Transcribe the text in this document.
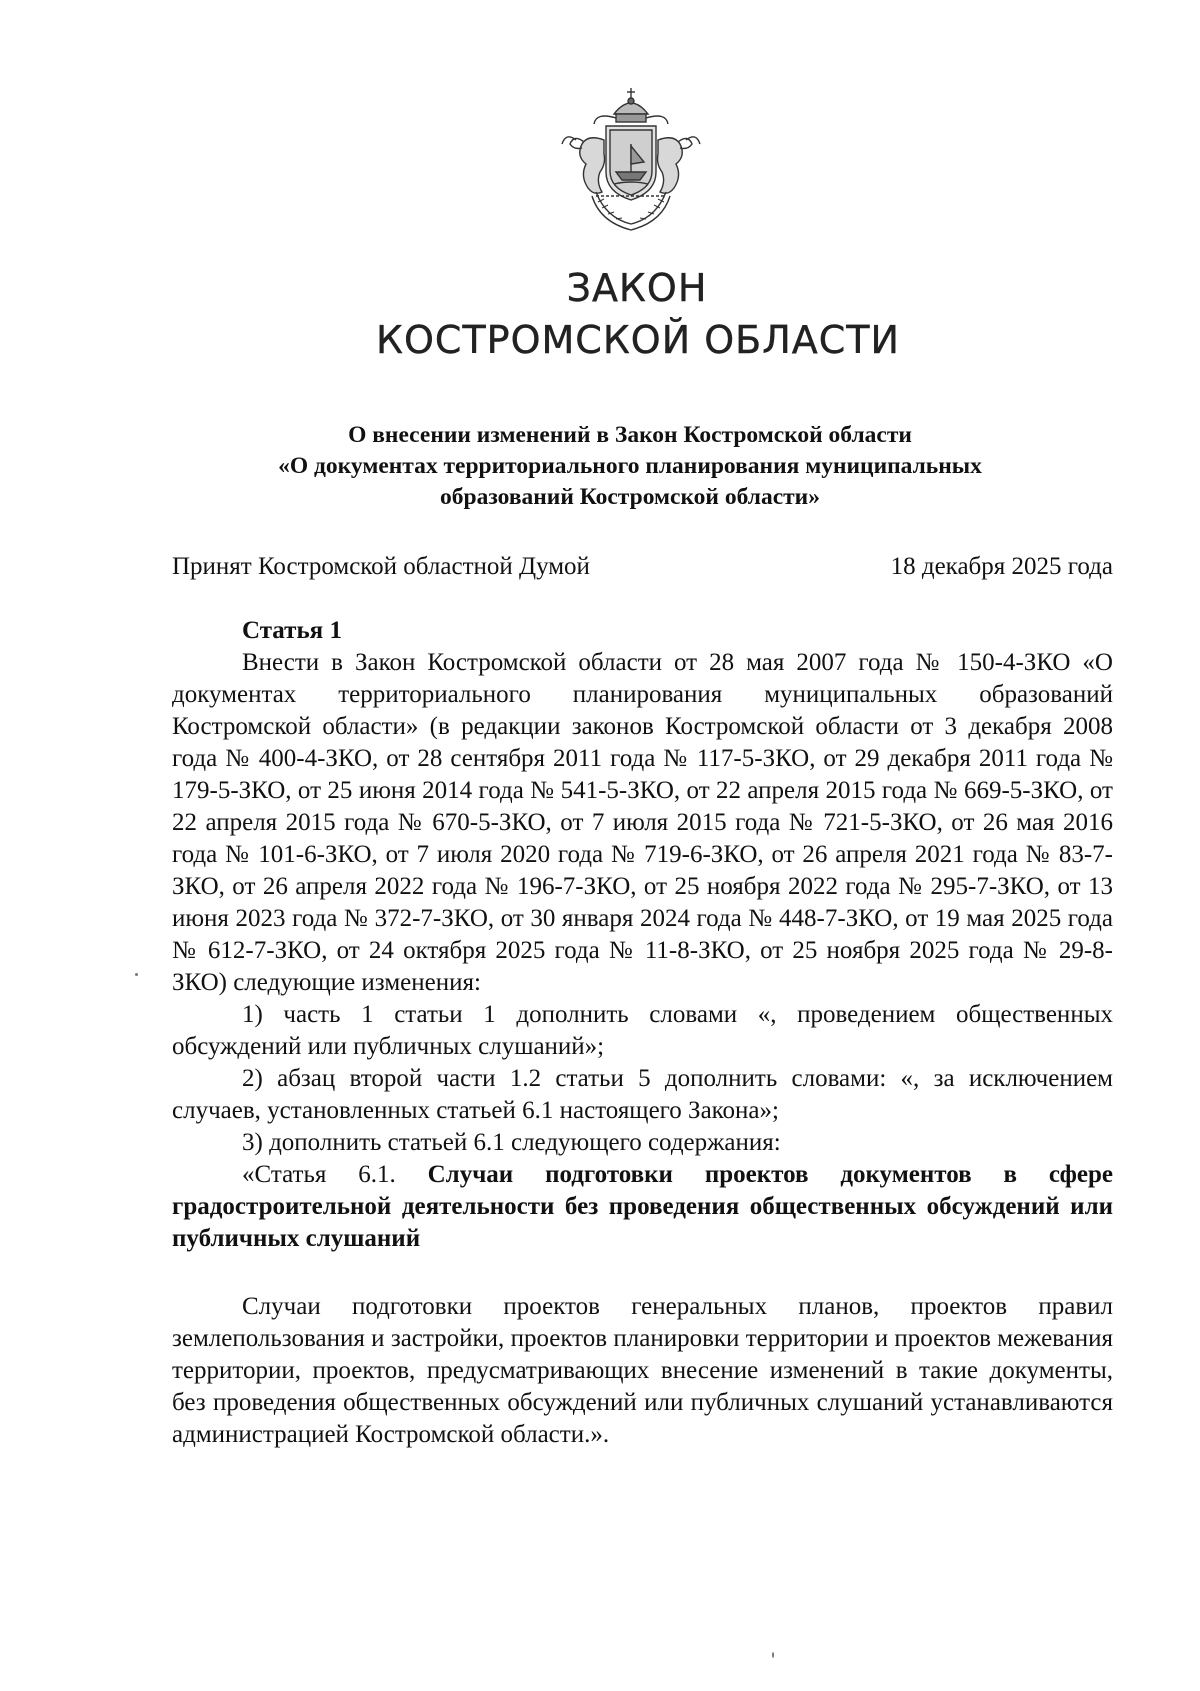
ЗАКОН
КОСТРОМСКОЙ ОБЛАСТИ
О внесении изменений в Закон Костромской области
«О документах территориального планирования муниципальных
образований Костромской области»
Принят Костромской областной Думой	18 декабря 2025 года
Статья 1

Внести в Закон Костромской области от 28 мая 2007 года № 150-4-ЗКО «О документах территориального планирования муниципальных образований Костромской области» (в редакции законов Костромской области от 3 декабря 2008 года № 400-4-ЗКО, от 28 сентября 2011 года № 117-5-ЗКО, от 29 декабря 2011 года № 179-5-ЗКО, от 25 июня 2014 года № 541-5-ЗКО, от 22 апреля 2015 года № 669-5-ЗКО, от 22 апреля 2015 года № 670-5-ЗКО, от 7 июля 2015 года № 721-5-ЗКО, от 26 мая 2016 года № 101-6-ЗКО, от 7 июля 2020 года № 719-6-ЗКО, от 26 апреля 2021 года № 83-7-ЗКО, от 26 апреля 2022 года № 196-7-ЗКО, от 25 ноября 2022 года № 295-7-ЗКО, от 13 июня 2023 года № 372-7-ЗКО, от 30 января 2024 года № 448-7-ЗКО, от 19 мая 2025 года № 612-7-ЗКО, от 24 октября 2025 года № 11-8-ЗКО, от 25 ноября 2025 года № 29-8-ЗКО) следующие изменения:

1) часть 1 статьи 1 дополнить словами «, проведением общественных обсуждений или публичных слушаний»;

2) абзац второй части 1.2 статьи 5 дополнить словами: «, за исключением случаев, установленных статьей 6.1 настоящего Закона»;

3) дополнить статьей 6.1 следующего содержания:

«Статья 6.1. Случаи подготовки проектов документов в сфере градостроительной деятельности без проведения общественных обсуждений или публичных слушаний

Случаи подготовки проектов генеральных планов, проектов правил землепользования и застройки, проектов планировки территории и проектов межевания территории, проектов, предусматривающих внесение изменений в такие документы, без проведения общественных обсуждений или публичных слушаний устанавливаются администрацией Костромской области.».
